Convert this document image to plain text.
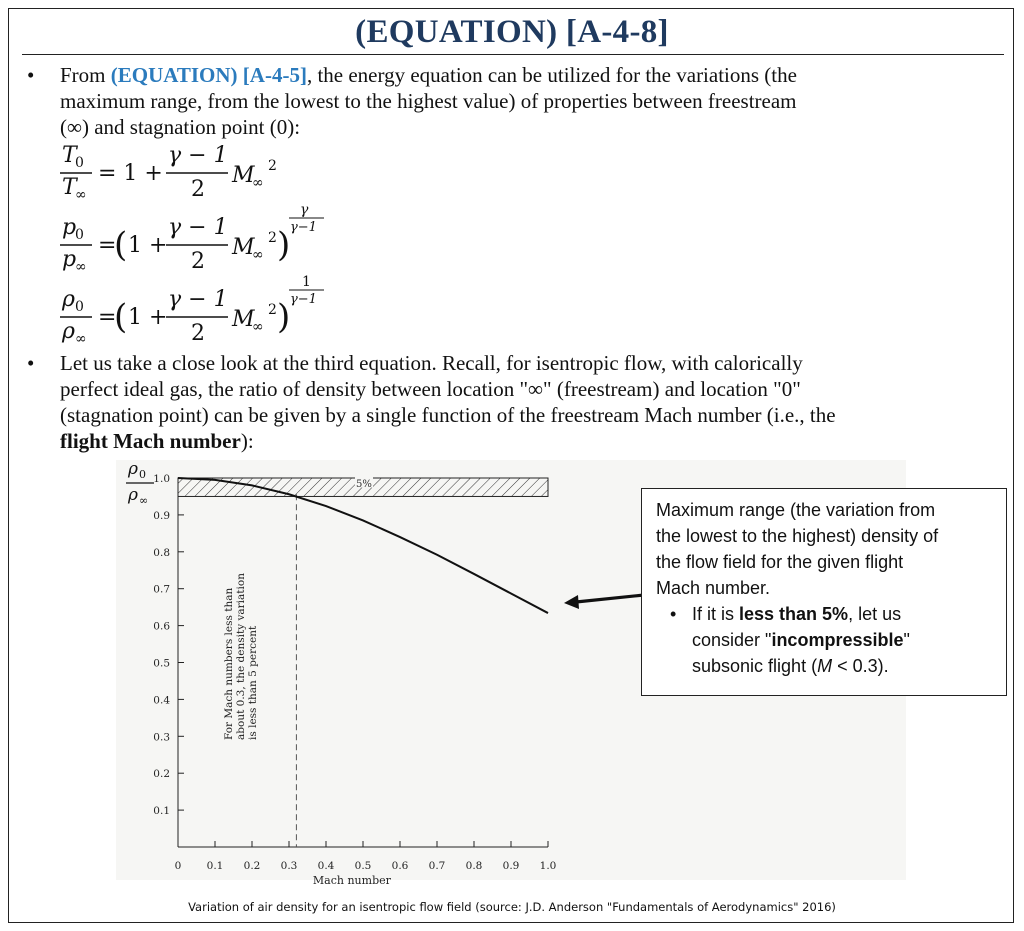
(EQUATION) [A-4-8]
• From (EQUATION) [A-4-5], the energy equation can be utilized for the variations (the
maximum range, from the lowest to the highest value) of properties between freestream
(∞) and stagnation point (0):
T
0
T
∞
= 1 +
γ − 1
2
M
∞
2
p
0
p
∞
=
( 1 +
γ − 1
2
M
∞
2 )
γ
γ−1
ρ 0
ρ ∞
=
( 1 +
γ − 1
2
M
∞
2 )
1
γ−1
• Let us take a close look at the third equation. Recall, for isentropic flow, with calorically
perfect ideal gas, the ratio of density between location "∞" (freestream) and location "0"
(stagnation point) can be given by a single function of the freestream Mach number (i.e., the
flight Mach number):
5%
0.1
0.2
0.3
0.4
0.5
0.6
0.7
0.8
0.9
1.0
0 0.1 0.2 0.3 0.4 0.5 0.6 0.7 0.8 0.9 1.0
Mach number
ρ 0
ρ ∞
For Mach numbers less than about 0.3, the density variation is less than 5 percent
Maximum range (the variation from
the lowest to the highest) density of
the flow field for the given flight
Mach number.
• If it is less than 5%, let us
consider "incompressible"
subsonic flight (M < 0.3).
Variation of air density for an isentropic flow field (source: J.D. Anderson "Fundamentals of Aerodynamics" 2016)
